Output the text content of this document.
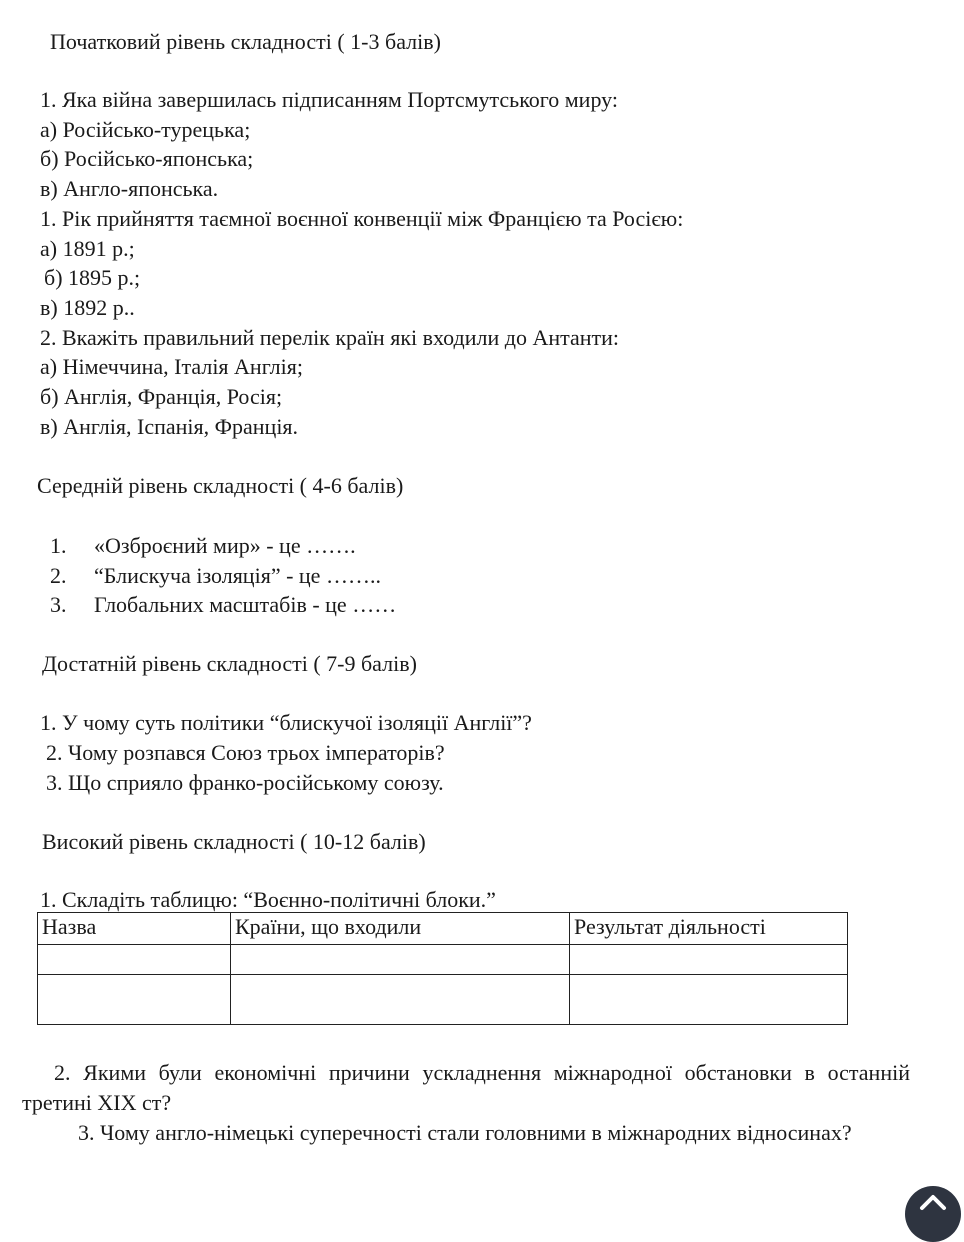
Початковий рівень складності ( 1-3 балів)
1. Яка війна завершилась підписанням Портсмутського миру:
а) Російсько-турецька;
б) Російсько-японська;
в) Англо-японська.
1. Рік прийняття таємної воєнної конвенції між Францією та Росією:
а) 1891 р.;
б) 1895 р.;
в) 1892 р..
2. Вкажіть правильний перелік країн які входили до Антанти:
а) Німеччина, Італія Англія;
б) Англія, Франція, Росія;
в) Англія, Іспанія, Франція.
Середній рівень складності ( 4-6 балів)
1. «Озброєний мир» - це …….
2. “Блискуча ізоляція” - це ……..
3. Глобальних масштабів - це ……
Достатній рівень складності ( 7-9 балів)
1. У чому суть політики “блискучої ізоляції Англії”?
2. Чому розпався Союз трьох імператорів?
3. Що сприяло франко-російському союзу.
Високий рівень складності ( 10-12 балів)
1. Складіть таблицю: “Воєнно-політичні блоки.”
Назва	Країни, що входили	Результат діяльності

2. Якими були економічні причини ускладнення міжнародної обстановки в останній третині XIX ст?
3. Чому англо-німецькі суперечності стали головними в міжнародних відносинах?
